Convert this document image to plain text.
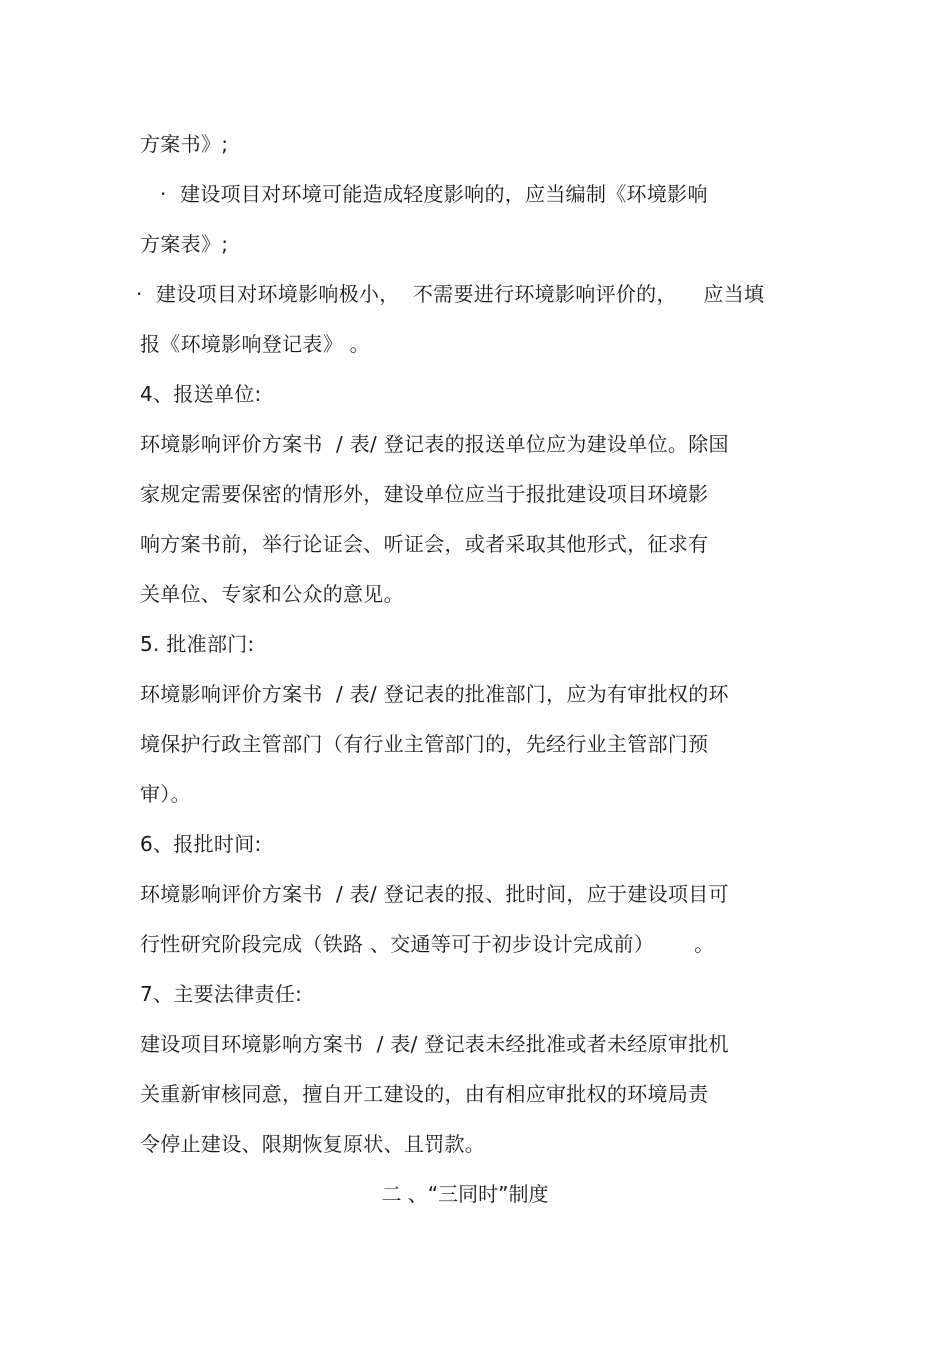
方案书》;
·  建设项目对环境可能造成轻度影响的，应当编制《环境影响
方案表》;
·  建设项目对环境影响极小，  不需要进行环境影响评价的，    应当填
报《环境影响登记表》 。
4、报送单位:
环境影响评价方案书  / 表/ 登记表的报送单位应为建设单位。除国
家规定需要保密的情形外，建设单位应当于报批建设项目环境影
响方案书前，举行论证会、听证会，或者采取其他形式，征求有
关单位、专家和公众的意见。
5. 批准部门:
环境影响评价方案书  / 表/ 登记表的批准部门，应为有审批权的环
境保护行政主管部门（有行业主管部门的，先经行业主管部门预
审）。
6、报批时间:
环境影响评价方案书  / 表/ 登记表的报、批时间，应于建设项目可
行性研究阶段完成（铁路 、交通等可于初步设计完成前）      。
7、主要法律责任:
建设项目环境影响方案书  / 表/ 登记表未经批准或者未经原审批机
关重新审核同意，擅自开工建设的，由有相应审批权的环境局责
令停止建设、限期恢复原状、且罚款。
二 、“三同时”制度
